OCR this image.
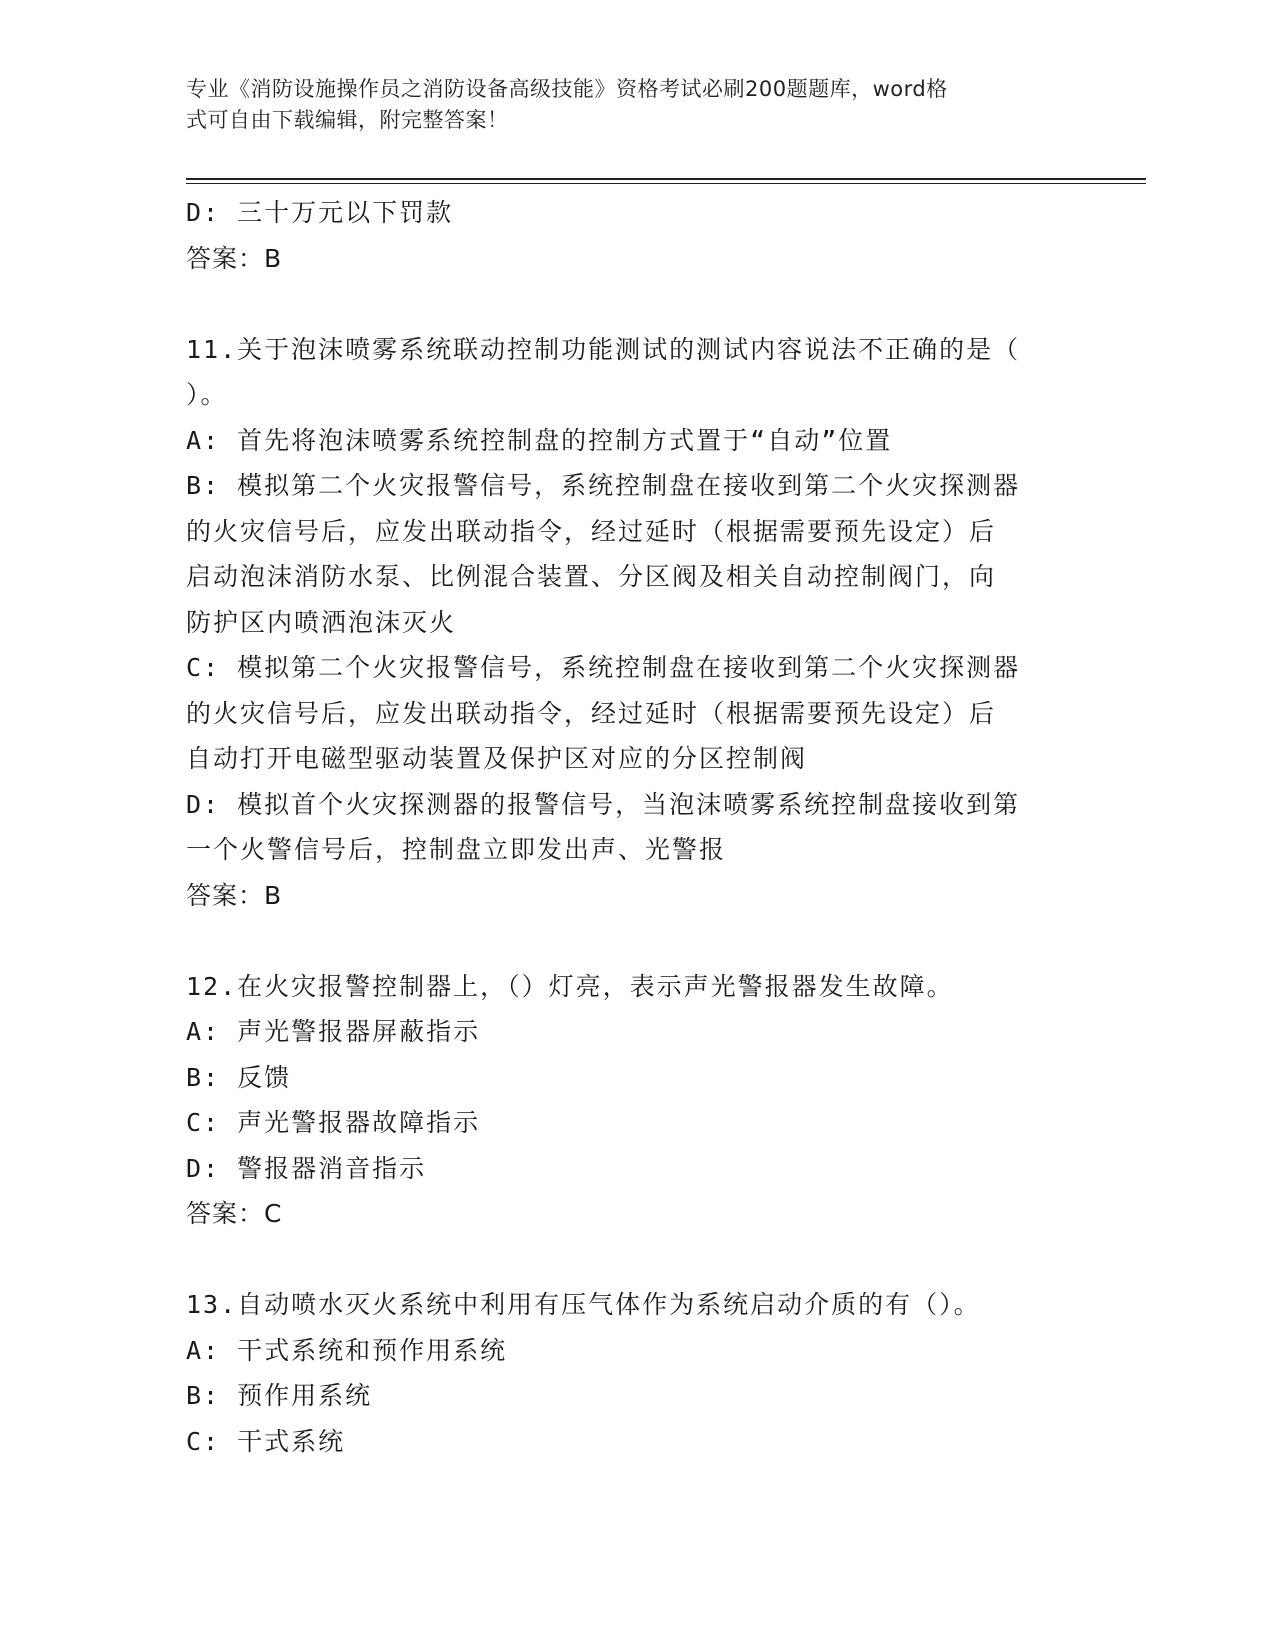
专业《消防设施操作员之消防设备高级技能》资格考试必刷200题题库，word格
式可自由下载编辑，附完整答案！
D: 三十万元以下罚款
答案：B
11.关于泡沫喷雾系统联动控制功能测试的测试内容说法不正确的是（
）。
A: 首先将泡沫喷雾系统控制盘的控制方式置于“自动”位置
B: 模拟第二个火灾报警信号，系统控制盘在接收到第二个火灾探测器
的火灾信号后，应发出联动指令，经过延时（根据需要预先设定）后
启动泡沫消防水泵、比例混合装置、分区阀及相关自动控制阀门，向
防护区内喷洒泡沫灭火
C: 模拟第二个火灾报警信号，系统控制盘在接收到第二个火灾探测器
的火灾信号后，应发出联动指令，经过延时（根据需要预先设定）后
自动打开电磁型驱动装置及保护区对应的分区控制阀
D: 模拟首个火灾探测器的报警信号，当泡沫喷雾系统控制盘接收到第
一个火警信号后，控制盘立即发出声、光警报
答案：B
12.在火灾报警控制器上，（）灯亮，表示声光警报器发生故障。
A: 声光警报器屏蔽指示
B: 反馈
C: 声光警报器故障指示
D: 警报器消音指示
答案：C
13.自动喷水灭火系统中利用有压气体作为系统启动介质的有（）。
A: 干式系统和预作用系统
B: 预作用系统
C: 干式系统
